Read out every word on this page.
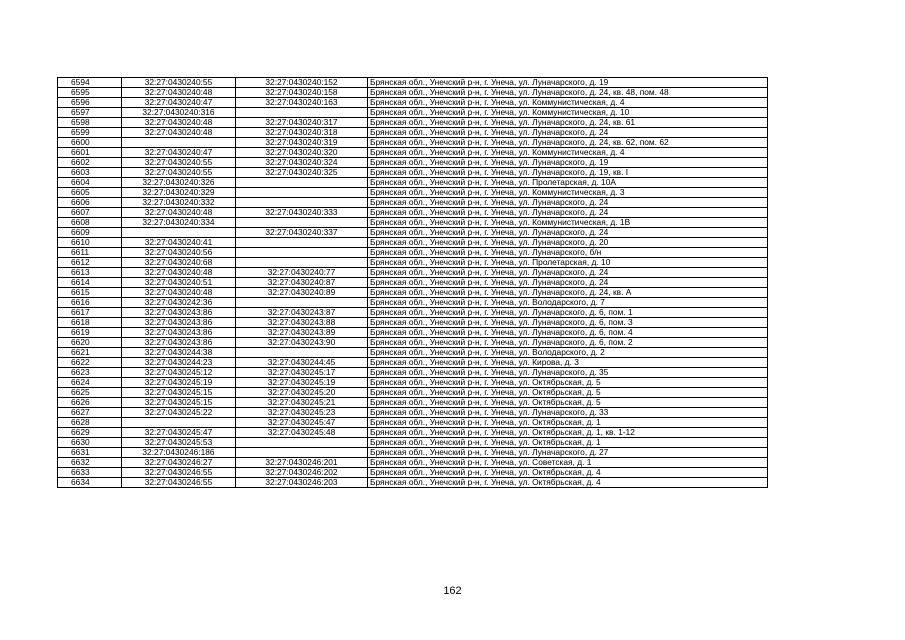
6594	32:27:0430240:55	32:27:0430240:152	Брянская обл., Унечский р-н, г. Унеча, ул. Луначарского, д. 19
6595	32:27:0430240:48	32:27:0430240:158	Брянская обл., Унечский р-н, г. Унеча, ул. Луначарского, д. 24, кв. 48, пом. 48
6596	32:27:0430240:47	32:27:0430240:163	Брянская обл., Унечский р-н, г. Унеча, ул. Коммунистическая, д. 4
6597	32:27:0430240:316		Брянская обл., Унечский р-н, г. Унеча, ул. Коммунистическая, д. 10
6598	32:27:0430240:48	32:27:0430240:317	Брянская обл., Унечский р-н, г. Унеча, ул. Луначарского, д. 24, кв. 61
6599	32:27:0430240:48	32:27:0430240:318	Брянская обл., Унечский р-н, г. Унеча, ул. Луначарского, д. 24
6600		32:27:0430240:319	Брянская обл., Унечский р-н, г. Унеча, ул. Луначарского, д. 24, кв. 62, пом. 62
6601	32:27:0430240:47	32:27:0430240:320	Брянская обл., Унечский р-н, г. Унеча, ул. Коммунистическая, д. 4
6602	32:27:0430240:55	32:27:0430240:324	Брянская обл., Унечский р-н, г. Унеча, ул. Луначарского, д. 19
6603	32:27:0430240:55	32:27:0430240:325	Брянская обл., Унечский р-н, г. Унеча, ул. Луначарского, д. 19, кв. I
6604	32:27:0430240:326		Брянская обл., Унечский р-н, г. Унеча, ул. Пролетарская, д. 10А
6605	32:27:0430240:329		Брянская обл., Унечский р-н, г. Унеча, ул. Коммунистическая, д. 3
6606	32:27:0430240:332		Брянская обл., Унечский р-н, г. Унеча, ул. Луначарского, д. 24
6607	32:27:0430240:48	32:27:0430240:333	Брянская обл., Унечский р-н, г. Унеча, ул. Луначарского, д. 24
6608	32:27:0430240:334		Брянская обл., Унечский р-н, г. Унеча, ул. Коммунистическая, д. 1В
6609		32:27:0430240:337	Брянская обл., Унечский р-н, г. Унеча, ул. Луначарского, д. 24
6610	32:27:0430240:41		Брянская обл., Унечский р-н, г. Унеча, ул. Луначарского, д. 20
6611	32:27:0430240:56		Брянская обл., Унечский р-н, г. Унеча, ул. Луначарского, б/н
6612	32:27:0430240:68		Брянская обл., Унечский р-н, г. Унеча, ул. Пролетарская, д. 10
6613	32:27:0430240:48	32:27:0430240:77	Брянская обл., Унечский р-н, г. Унеча, ул. Луначарского, д. 24
6614	32:27:0430240:51	32:27:0430240:87	Брянская обл., Унечский р-н, г. Унеча, ул. Луначарского, д. 24
6615	32:27:0430240:48	32:27:0430240:89	Брянская обл., Унечский р-н, г. Унеча, ул. Луначарского, д. 24, кв. А
6616	32:27:0430242:36		Брянская обл., Унечский р-н, г. Унеча, ул. Володарского, д. 7
6617	32:27:0430243:86	32:27:0430243:87	Брянская обл., Унечский р-н, г. Унеча, ул. Луначарского, д. 6, пом. 1
6618	32:27:0430243:86	32:27:0430243:88	Брянская обл., Унечский р-н, г. Унеча, ул. Луначарского, д. 6, пом. 3
6619	32:27:0430243:86	32:27:0430243:89	Брянская обл., Унечский р-н, г. Унеча, ул. Луначарского, д. 6, пом. 4
6620	32:27:0430243:86	32:27:0430243:90	Брянская обл., Унечский р-н, г. Унеча, ул. Луначарского, д. 6, пом. 2
6621	32:27:0430244:38		Брянская обл., Унечский р-н, г. Унеча, ул. Володарского, д. 2
6622	32:27:0430244:23	32:27:0430244:45	Брянская обл., Унечский р-н, г. Унеча, ул. Кирова, д. 3
6623	32:27:0430245:12	32:27:0430245:17	Брянская обл., Унечский р-н, г. Унеча, ул. Луначарского, д. 35
6624	32:27:0430245:19	32:27:0430245:19	Брянская обл., Унечский р-н, г. Унеча, ул. Октябрьская, д. 5
6625	32:27:0430245:15	32:27:0430245:20	Брянская обл., Унечский р-н, г. Унеча, ул. Октябрьская, д. 5
6626	32:27:0430245:15	32:27:0430245:21	Брянская обл., Унечский р-н, г. Унеча, ул. Октябрьская, д. 5
6627	32:27:0430245:22	32:27:0430245:23	Брянская обл., Унечский р-н, г. Унеча, ул. Луначарского, д. 33
6628		32:27:0430245:47	Брянская обл., Унечский р-н, г. Унеча, ул. Октябрьская, д. 1
6629	32:27:0430245:47	32:27:0430245:48	Брянская обл., Унечский р-н, г. Унеча, ул. Октябрьская, д. 1, кв. 1-12
6630	32:27:0430245:53		Брянская обл., Унечский р-н, г. Унеча, ул. Октябрьская, д. 1
6631	32:27:0430246:186		Брянская обл., Унечский р-н, г. Унеча, ул. Луначарского, д. 27
6632	32:27:0430246:27	32:27:0430246:201	Брянская обл., Унечский р-н, г. Унеча, ул. Советская, д. 1
6633	32:27:0430246:55	32:27:0430246:202	Брянская обл., Унечский р-н, г. Унеча, ул. Октябрьская, д. 4
6634	32:27:0430246:55	32:27:0430246:203	Брянская обл., Унечский р-н, г. Унеча, ул. Октябрьская, д. 4
162
